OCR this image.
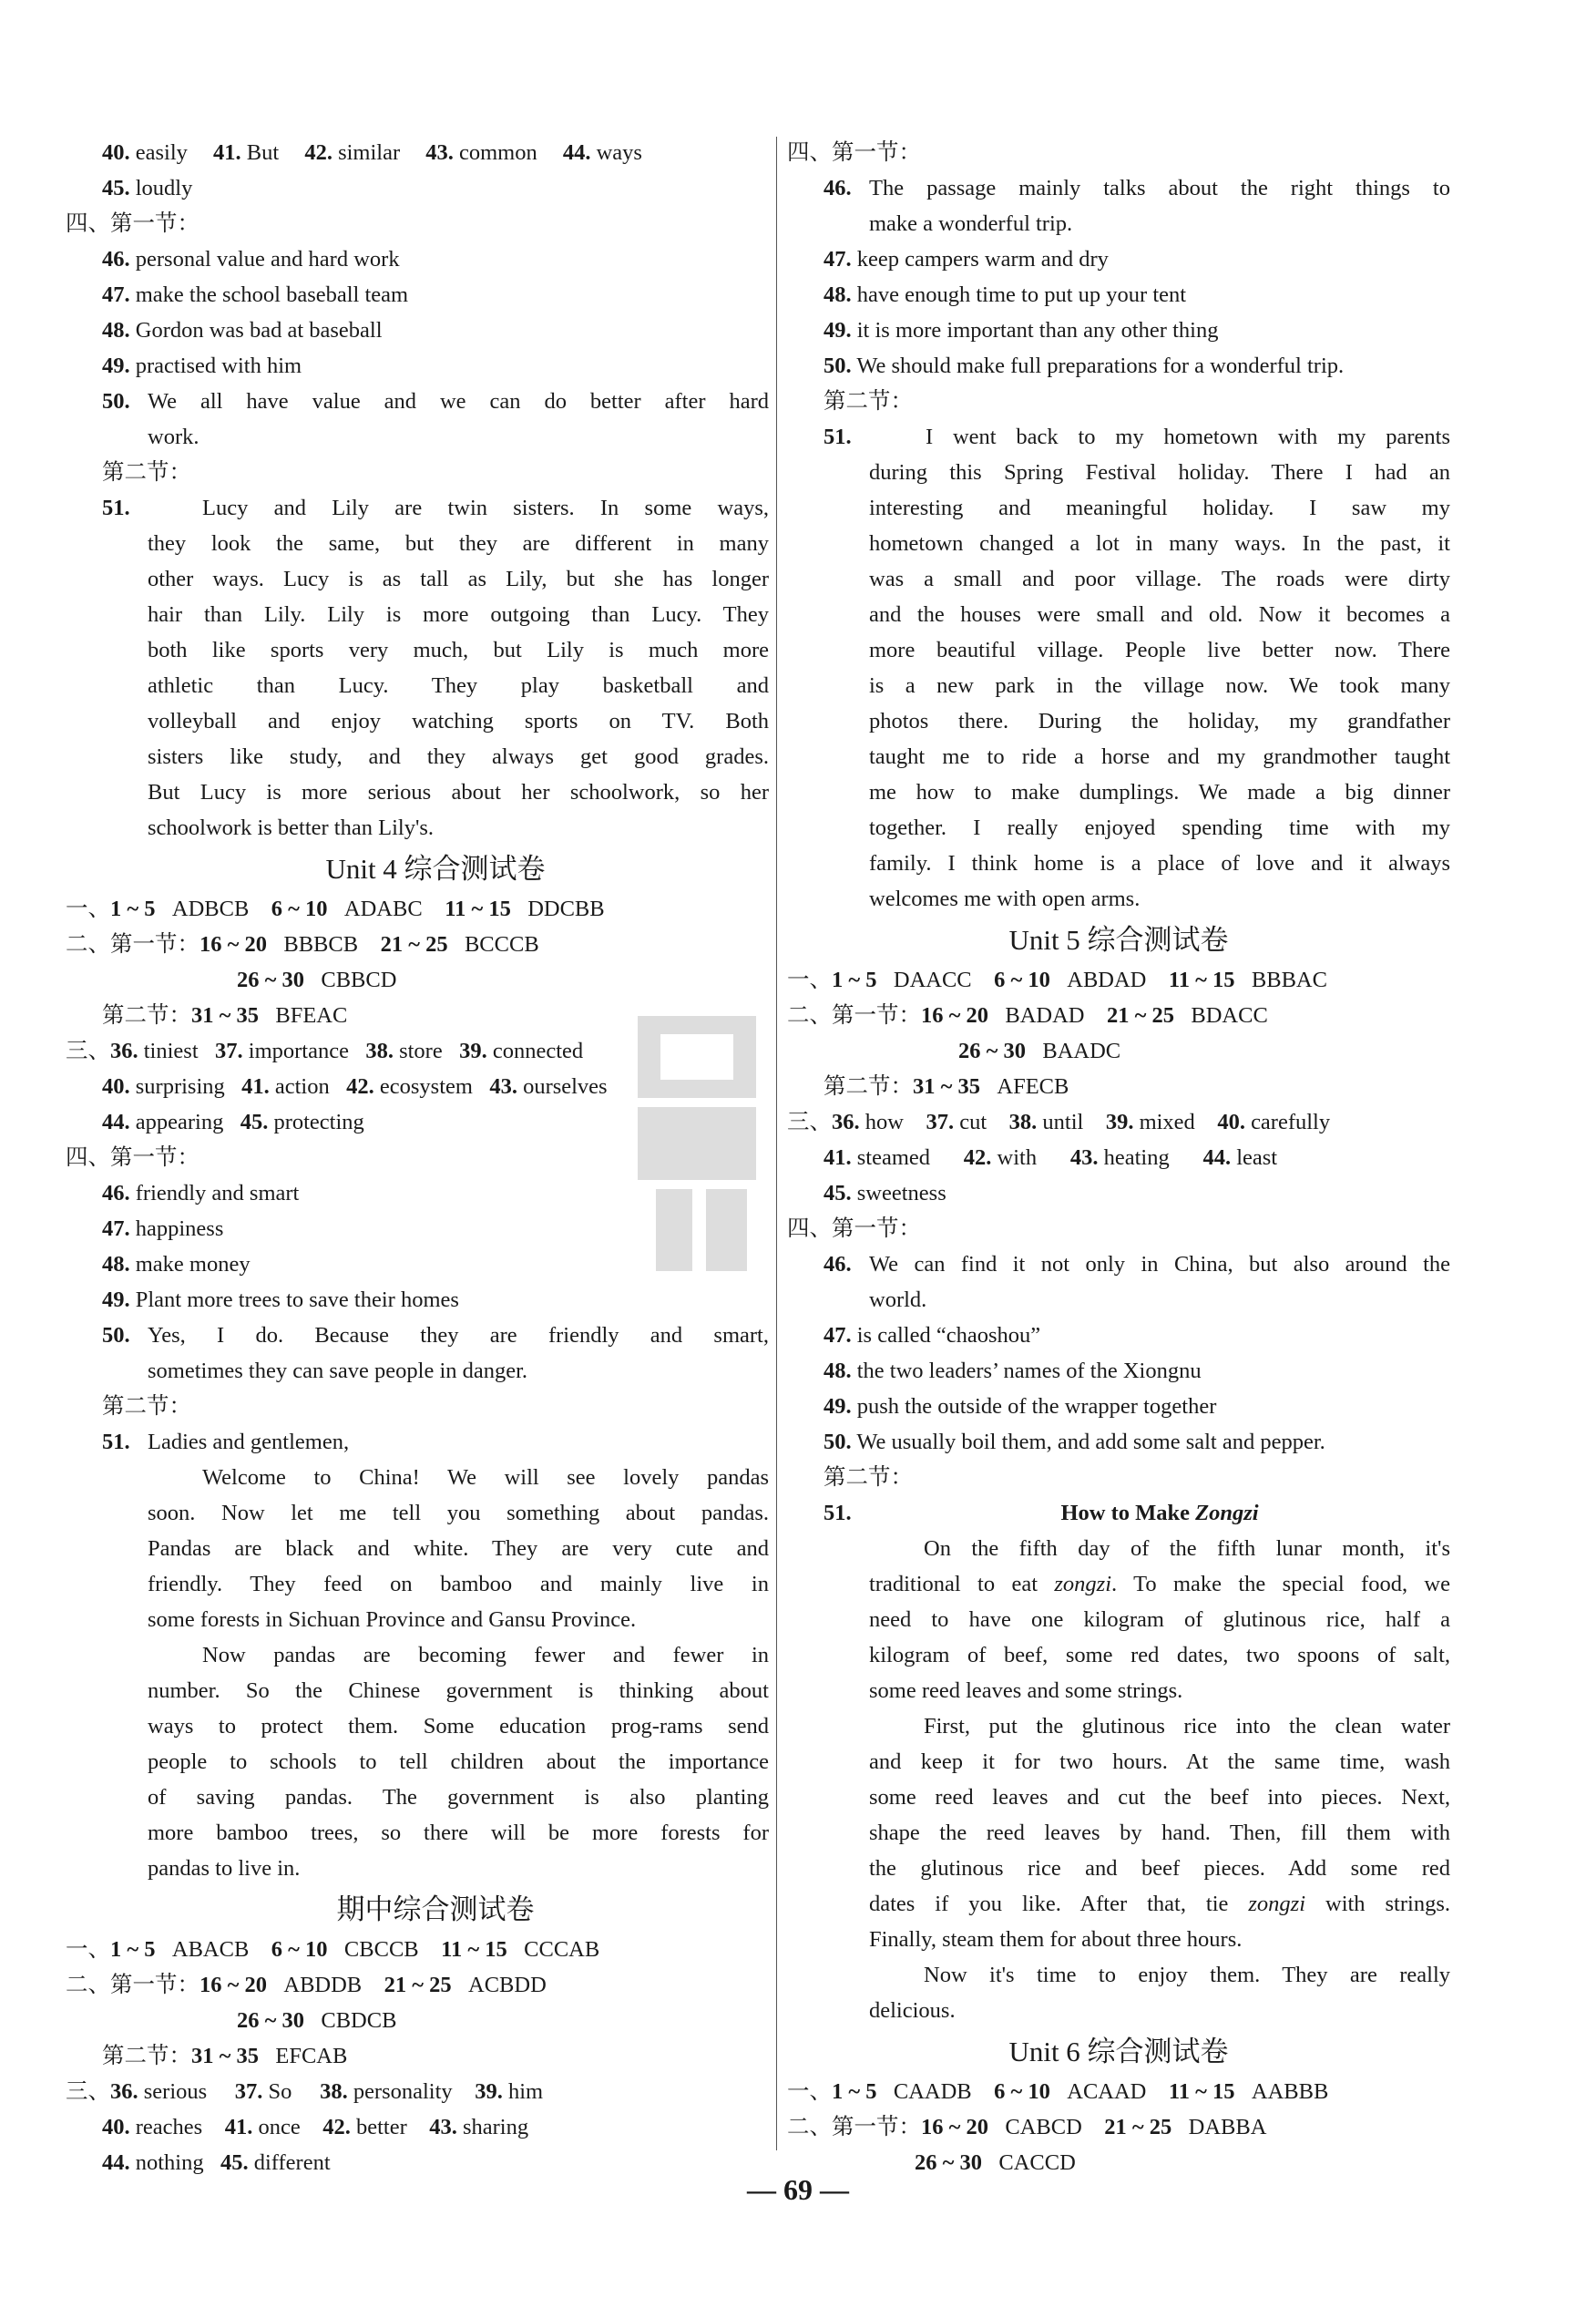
40. easily 41. But 42. similar 43. common 44. ways
45. loudly
四、第一节：
46. personal value and hard work
47. make the school baseball team
48. Gordon was bad at baseball
49. practised with him
50. We all have value and we can do better after hard
work.
第二节：
51.	Lucy and Lily are twin sisters. In some ways,
they look the same, but they are different in many
other ways. Lucy is as tall as Lily, but she has longer
hair than Lily. Lily is more outgoing than Lucy. They
both like sports very much, but Lily is much more
athletic than Lucy. They play basketball and
volleyball and enjoy watching sports on TV. Both
sisters like study, and they always get good grades.
But Lucy is more serious about her schoolwork, so her
schoolwork is better than Lily's.
Unit 4 综合测试卷
一、1 ~ 5 ADBCB 6 ~ 10 ADABC 11 ~ 15 DDCBB
二、第一节：16 ~ 20 BBBCB 21 ~ 25 BCCCB
26 ~ 30 CBBCD
第二节：31 ~ 35 BFEAC
三、36. tiniest 37. importance 38. store 39. connected
40. surprising 41. action 42. ecosystem 43. ourselves
44. appearing 45. protecting
四、第一节：
46. friendly and smart
47. happiness
48. make money
49. Plant more trees to save their homes
50. Yes, I do. Because they are friendly and smart,
sometimes they can save people in danger.
第二节：
51. Ladies and gentlemen,
Welcome to China! We will see lovely pandas
soon. Now let me tell you something about pandas.
Pandas are black and white. They are very cute and
friendly. They feed on bamboo and mainly live in
some forests in Sichuan Province and Gansu Province.
Now pandas are becoming fewer and fewer in
number. So the Chinese government is thinking about
ways to protect them. Some education prog-rams send
people to schools to tell children about the importance
of saving pandas. The government is also planting
more bamboo trees, so there will be more forests for
pandas to live in.
期中综合测试卷
一、1 ~ 5 ABACB 6 ~ 10 CBCCB 11 ~ 15 CCCAB
二、第一节：16 ~ 20 ABDDB 21 ~ 25 ACBDD
26 ~ 30 CBDCB
第二节：31 ~ 35 EFCAB
三、36. serious 37. So 38. personality 39. him
40. reaches 41. once 42. better 43. sharing
44. nothing 45. different
四、第一节：
46. The passage mainly talks about the right things to
make a wonderful trip.
47. keep campers warm and dry
48. have enough time to put up your tent
49. it is more important than any other thing
50. We should make full preparations for a wonderful trip.
第二节：
51.	I went back to my hometown with my parents
during this Spring Festival holiday. There I had an
interesting and meaningful holiday. I saw my
hometown changed a lot in many ways. In the past, it
was a small and poor village. The roads were dirty
and the houses were small and old. Now it becomes a
more beautiful village. People live better now. There
is a new park in the village now. We took many
photos there. During the holiday, my grandfather
taught me to ride a horse and my grandmother taught
me how to make dumplings. We made a big dinner
together. I really enjoyed spending time with my
family. I think home is a place of love and it always
welcomes me with open arms.
Unit 5 综合测试卷
一、1 ~ 5 DAACC 6 ~ 10 ABDAD 11 ~ 15 BBBAC
二、第一节：16 ~ 20 BADAD 21 ~ 25 BDACC
26 ~ 30 BAADC
第二节：31 ~ 35 AFECB
三、36. how 37. cut 38. until 39. mixed 40. carefully
41. steamed 42. with 43. heating 44. least
45. sweetness
四、第一节：
46. We can find it not only in China, but also around the
world.
47. is called “chaoshou”
48. the two leaders’ names of the Xiongnu
49. push the outside of the wrapper together
50. We usually boil them, and add some salt and pepper.
第二节：
51.	How to Make Zongzi
On the fifth day of the fifth lunar month, it's
traditional to eat zongzi. To make the special food, we
need to have one kilogram of glutinous rice, half a
kilogram of beef, some red dates, two spoons of salt,
some reed leaves and some strings.
First, put the glutinous rice into the clean water
and keep it for two hours. At the same time, wash
some reed leaves and cut the beef into pieces. Next,
shape the reed leaves by hand. Then, fill them with
the glutinous rice and beef pieces. Add some red
dates if you like. After that, tie zongzi with strings.
Finally, steam them for about three hours.
Now it's time to enjoy them. They are really
delicious.
Unit 6 综合测试卷
一、1 ~ 5 CAADB 6 ~ 10 ACAAD 11 ~ 15 AABBB
二、第一节：16 ~ 20 CABCD 21 ~ 25 DABBA
26 ~ 30 CACCD
— 69 —
